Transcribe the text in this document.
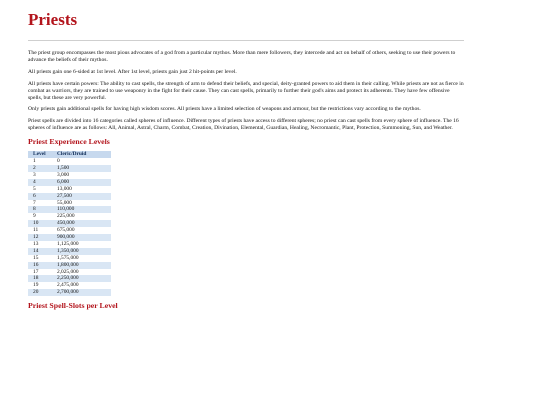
Priests

The priest group encompasses the most pious advocates of a god from a particular mythos. More than mere followers, they intercede and act on behalf of others, seeking to use their powers to advance the beliefs of their mythos.

All priests gain one 6-sided at 1st level. After 1st level, priests gain just 2 hit-points per level.

All priests have certain powers: The ability to cast spells, the strength of arm to defend their beliefs, and special, deity-granted powers to aid them in their calling. While priests are not as fierce in combat as warriors, they are trained to use weaponry in the fight for their cause. They can cast spells, primarily to further their god's aims and protect its adherents. They have few offensive spells, but these are very powerful.

Only priests gain additional spells for having high wisdom scores. All priests have a limited selection of weapons and armour, but the restrictions vary according to the mythos.

Priest spells are divided into 16 categories called spheres of influence. Different types of priests have access to different spheres; no priest can cast spells from every sphere of influence. The 16 spheres of influence are as follows: All, Animal, Astral, Charm, Combat, Creation, Divination, Elemental, Guardian, Healing, Necromantic, Plant, Protection, Summoning, Sun, and Weather.

Priest Experience Levels
Level	Cleric/Druid
1	0
2	1,500
3	3,000
4	6,000
5	13,000
6	27,500
7	55,000
8	110,000
9	225,000
10	450,000
11	675,000
12	900,000
13	1,125,000
14	1,350,000
15	1,575,000
16	1,800,000
17	2,025,000
18	2,250,000
19	2,475,000
20	2,700,000
Priest Spell-Slots per Level
